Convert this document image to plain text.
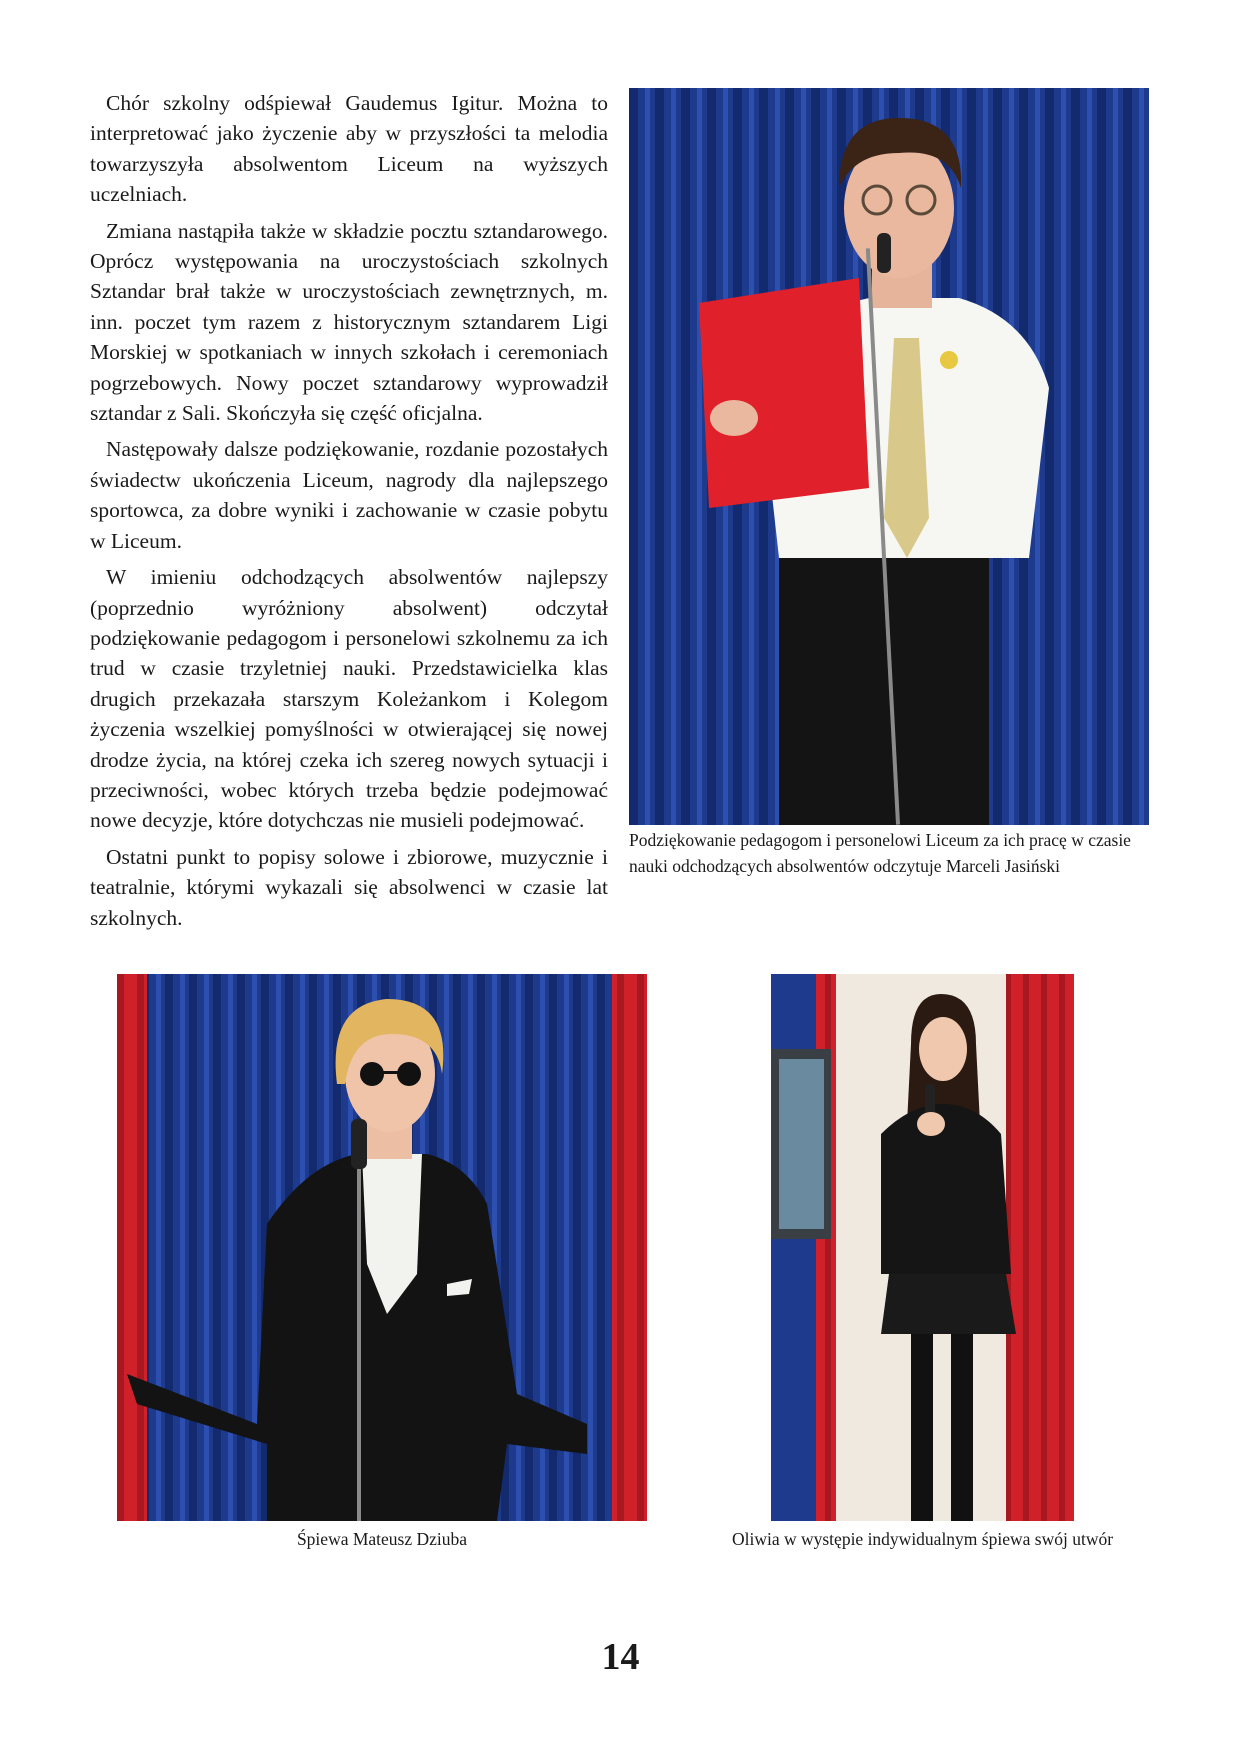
Chór szkolny odśpiewał Gaudemus Igitur. Można to interpretować jako życzenie aby w przyszłości ta melodia towarzyszyła absolwentom Liceum na wyższych uczelniach.

Zmiana nastąpiła także w składzie pocztu sztandarowego. Oprócz występowania na uroczystościach szkolnych Sztandar brał także w uroczystościach zewnętrznych, m. inn. poczet tym razem z historycznym sztandarem Ligi Morskiej w spotkaniach w innych szkołach i ceremoniach pogrzebowych. Nowy poczet sztandarowy wyprowadził sztandar z Sali. Skończyła się część oficjalna.

Następowały dalsze podziękowanie, rozdanie pozostałych świadectw ukończenia Liceum, nagrody dla najlepszego sportowca, za dobre wyniki i zachowanie w czasie pobytu w Liceum.

W imieniu odchodzących absolwentów najlepszy (poprzednio wyróżniony absolwent) odczytał podziękowanie pedagogom i personelowi szkolnemu za ich trud w czasie trzyletniej nauki. Przedstawicielka klas drugich przekazała starszym Koleżankom i Kolegom życzenia wszelkiej pomyślności w otwierającej się nowej drodze życia, na której czeka ich szereg nowych sytuacji i przeciwności, wobec których trzeba będzie podejmować nowe decyzje, które dotychczas nie musieli podejmować.

Ostatni punkt to popisy solowe i zbiorowe, muzycznie i teatralnie, którymi wykazali się absolwenci w czasie lat szkolnych.

Podziękowanie pedagogom i personelowi Liceum za ich pracę w czasie nauki odchodzących absolwentów odczytuje Marceli Jasiński
Śpiewa Mateusz Dziuba	Oliwia w występie indywidualnym śpiewa swój utwór
14
